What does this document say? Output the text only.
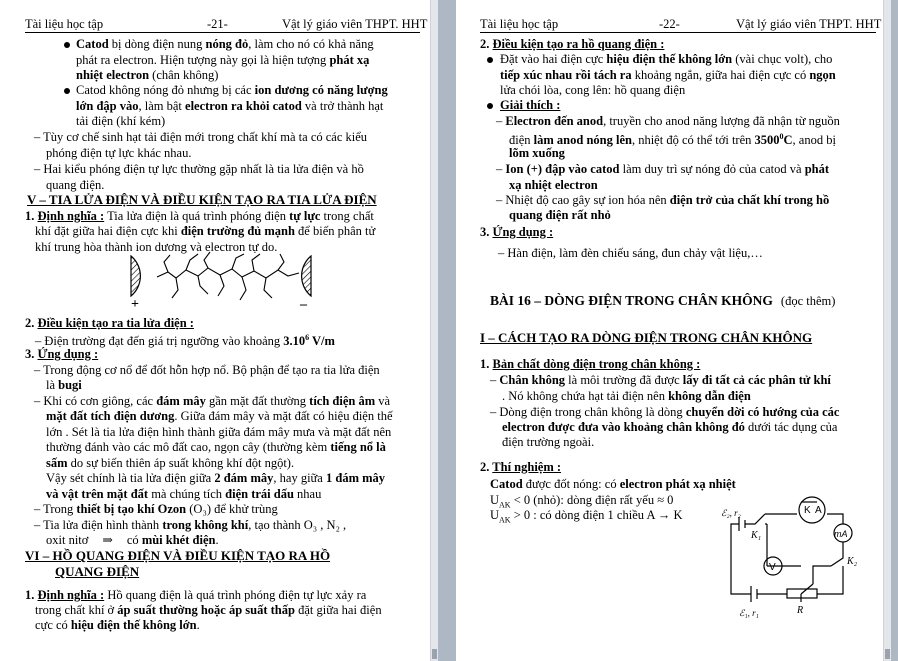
Tài liệu học tập	-21-	Vật lý giáo viên THPT. HHT
Catod bị dòng điện nung nóng đỏ, làm cho nó có khả năng
phát ra electron. Hiện tượng này gọi là hiện tượng phát xạ
nhiệt electron (chân không)
Catod không nóng đỏ nhưng bị các ion dương có năng lượng
lớn đập vào, làm bật electron ra khỏi catod và trở thành hạt
tải điện (khí kém)
– Tùy cơ chế sinh hạt tải điện mới trong chất khí mà ta có các kiểu
phóng điện tự lực khác nhau.
– Hai kiểu phóng điện tự lực thường gặp nhất là tia lửa điện và hồ
quang điện.
V – TIA LỬA ĐIỆN VÀ ĐIỀU KIỆN TẠO RA TIA LỬA ĐIỆN
1. Định nghĩa : Tia lửa điện là quá trình phóng điện tự lực trong chất
khí đặt giữa hai điện cực khi điện trường đủ mạnh để biến phân tử
khí trung hòa thành ion dương và electron tự do.
+	–
2. Điều kiện tạo ra tia lửa điện :
– Điện trường đạt đến giá trị ngưỡng vào khoảng 3.10$^6$ V/m
3. Ứng dụng :
– Trong động cơ nổ để đốt hỗn hợp nổ. Bộ phận để tạo ra tia lửa điện
là bugi
– Khi có cơn giông, các đám mây gần mặt đất thường tích điện âm và
mặt đất tích điện dương. Giữa đám mây và mặt đất có hiệu điện thế
lớn . Sét là tia lửa điện hình thành giữa đám mây mưa và mặt đất nên
thường đánh vào các mô đất cao, ngọn cây (thường kèm tiếng nổ là
sấm do sự biến thiên áp suất không khí đột ngột).
Vậy sét chính là tia lửa điện giữa 2 đám mây, hay giữa 1 đám mây
và vật trên mặt đất mà chúng tích điện trái dấu nhau
– Trong thiết bị tạo khí Ozon (O₃) để khử trùng
– Tia lửa điện hình thành trong không khí, tạo thành O₃ , N₂ ,
oxit nitơ ⇒ có mùi khét điện.
VI – HỒ QUANG ĐIỆN VÀ ĐIỀU KIỆN TẠO RA HỒ
QUANG ĐIỆN
1. Định nghĩa : Hồ quang điện là quá trình phóng điện tự lực xảy ra
trong chất khí ở áp suất thường hoặc áp suất thấp đặt giữa hai điện
cực có hiệu điện thế không lớn.
Tài liệu học tập	-22-	Vật lý giáo viên THPT. HHT
2. Điều kiện tạo ra hồ quang điện :
Đặt vào hai điện cực hiệu điện thế không lớn (vài chục volt), cho
tiếp xúc nhau rồi tách ra khoảng ngắn, giữa hai điện cực có ngọn
lửa chói lòa, cong lên: hồ quang điện
Giải thích :
– Electron đến anod, truyền cho anod năng lượng đã nhận từ nguồn
điện làm anod nóng lên, nhiệt độ có thể tới trên 3500$^0$C, anod bị
lõm xuống
– Ion (+) đập vào catod làm duy trì sự nóng đỏ của catod và phát
xạ nhiệt electron
– Nhiệt độ cao gây sự ion hóa nên điện trở của chất khí trong hồ
quang điện rất nhỏ
3. Ứng dụng :
– Hàn điện, làm đèn chiếu sáng, đun chảy vật liệu,…
BÀI 16 – DÒNG ĐIỆN TRONG CHÂN KHÔNG (đọc thêm)
I – CÁCH TẠO RA DÒNG ĐIỆN TRONG CHÂN KHÔNG
1. Bản chất dòng điện trong chân không :
– Chân không là môi trường đã được lấy đi tất cả các phân tử khí
. Nó không chứa hạt tải điện nên không dẫn điện
– Dòng điện trong chân không là dòng chuyển dời có hướng của các
electron được đưa vào khoảng chân không đó dưới tác dụng của
điện trường ngoài.
2. Thí nghiệm :
Catod được đốt nóng: có electron phát xạ nhiệt
$U_{AK} < 0$ (nhỏ): dòng điện rất yếu ≈ 0
$U_{AK} > 0$ : có dòng điện 1 chiều A → K	K A
mA
V
K₂
ℰ₂, r₂
K₁
ℰ₁, r₁	R
